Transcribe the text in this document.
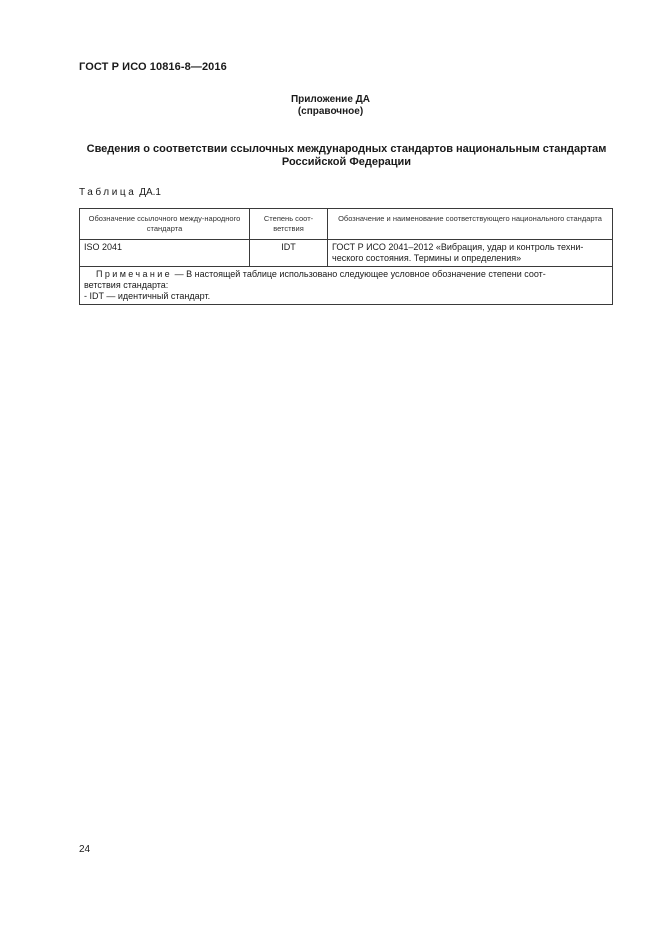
ГОСТ Р ИСО 10816-8—2016
Приложение ДА
(справочное)
Сведения о соответствии ссылочных международных стандартов национальным стандартам
Российской Федерации
Таблица ДА.1
Обозначение ссылочного между-народного стандарта	Степень соот-ветствия	Обозначение и наименование соответствующего национального стандарта
ISO 2041	IDT	ГОСТ Р ИСО 2041–2012 «Вибрация, удар и контроль техни-
ческого состояния. Термины и определения»

Примечание — В настоящей таблице использовано следующее условное обозначение степени соот-
ветствия стандарта:
- IDT — идентичный стандарт.		
24
